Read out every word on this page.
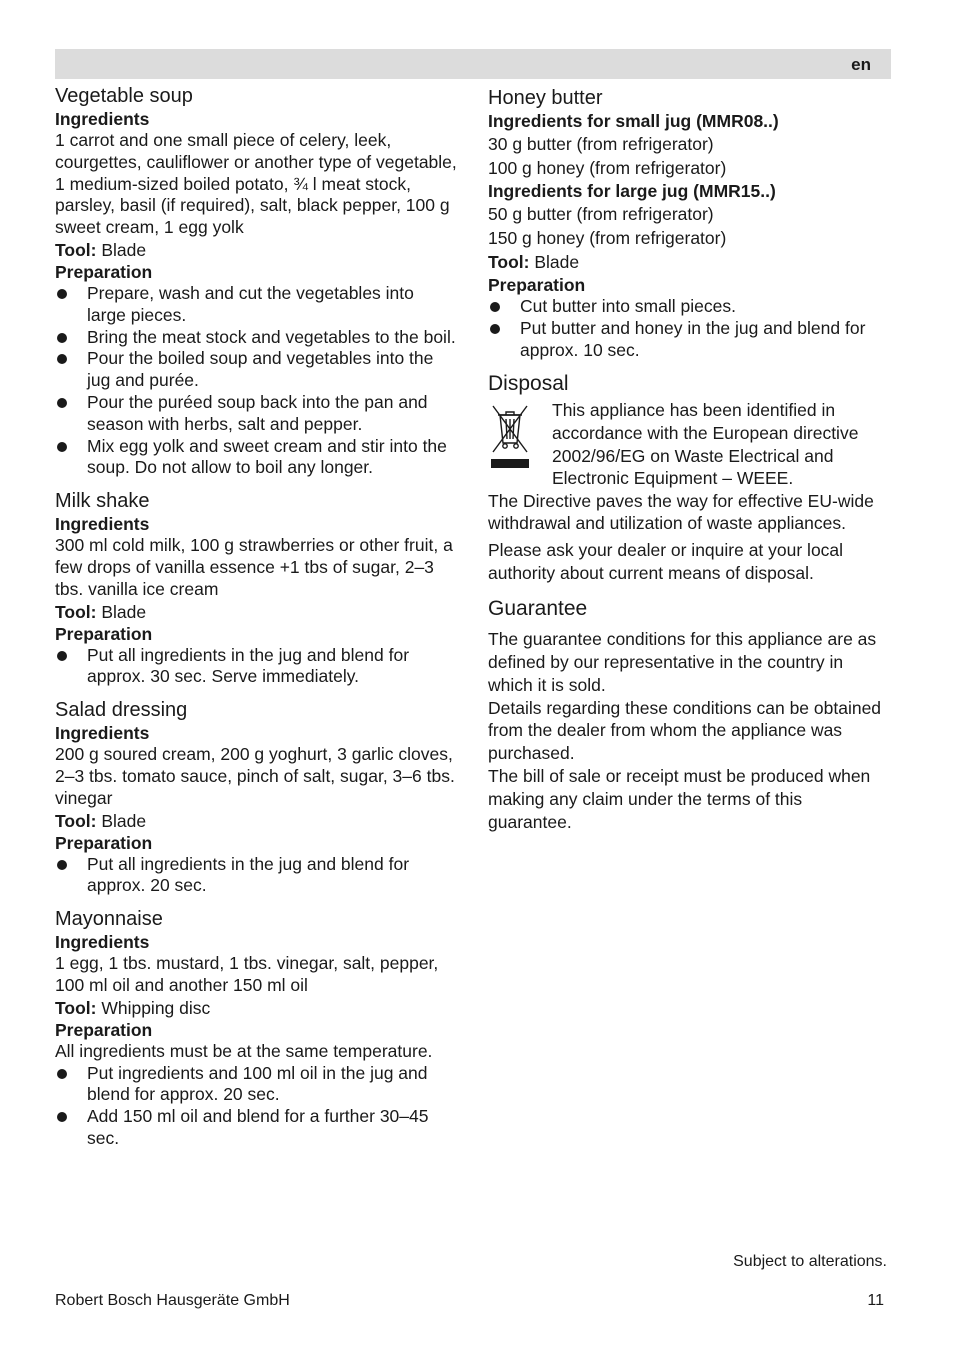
en
Vegetable soup
Ingredients

1 carrot and one small piece of celery, leek, courgettes, cauliflower or another type of vegetable, 1 medium-sized boiled potato, ¾ l meat stock, parsley, basil (if required), salt, black pepper, 100 g sweet cream, 1 egg yolk

Tool: Blade

Preparation
Prepare, wash and cut the vegetables into large pieces.
Bring the meat stock and vegetables to the boil.
Pour the boiled soup and vegetables into the jug and purée.
Pour the puréed soup back into the pan and season with herbs, salt and pepper.
Mix egg yolk and sweet cream and stir into the soup. Do not allow to boil any longer.
Milk shake
Ingredients

300 ml cold milk, 100 g strawberries or other fruit, a few drops of vanilla essence +1 tbs of sugar, 2–3 tbs. vanilla ice cream

Tool: Blade

Preparation
Put all ingredients in the jug and blend for approx. 30 sec. Serve immediately.
Salad dressing
Ingredients

200 g soured cream, 200 g yoghurt, 3 garlic cloves, 2–3 tbs. tomato sauce, pinch of salt, sugar, 3–6 tbs. vinegar

Tool: Blade

Preparation
Put all ingredients in the jug and blend for approx. 20 sec.
Mayonnaise
Ingredients

1 egg, 1 tbs. mustard, 1 tbs. vinegar, salt, pepper, 100 ml oil and another 150 ml oil

Tool: Whipping disc

Preparation

All ingredients must be at the same temperature.

Put ingredients and 100 ml oil in the jug and blend for approx. 20 sec.
Add 150 ml oil and blend for a further 30–45 sec.
Honey butter
Ingredients for small jug (MMR08..)

30 g butter (from refrigerator)

100 g honey (from refrigerator)

Ingredients for large jug (MMR15..)

50 g butter (from refrigerator)

150 g honey (from refrigerator)

Tool: Blade

Preparation
Cut butter into small pieces.
Put butter and honey in the jug and blend for approx. 10 sec.
Disposal

This appliance has been identified in accordance with the European directive 2002/96/EG on Waste Electrical and Electronic Equipment – WEEE.

The Directive paves the way for effective EU-wide withdrawal and utilization of waste appliances.

Please ask your dealer or inquire at your local authority about current means of disposal.

Guarantee

The guarantee conditions for this appliance are as defined by our representative in the country in which it is sold.

Details regarding these conditions can be obtained from the dealer from whom the appliance was purchased.

The bill of sale or receipt must be produced when making any claim under the terms of this guarantee.

Subject to alterations.
Robert Bosch Hausgeräte GmbH	11
